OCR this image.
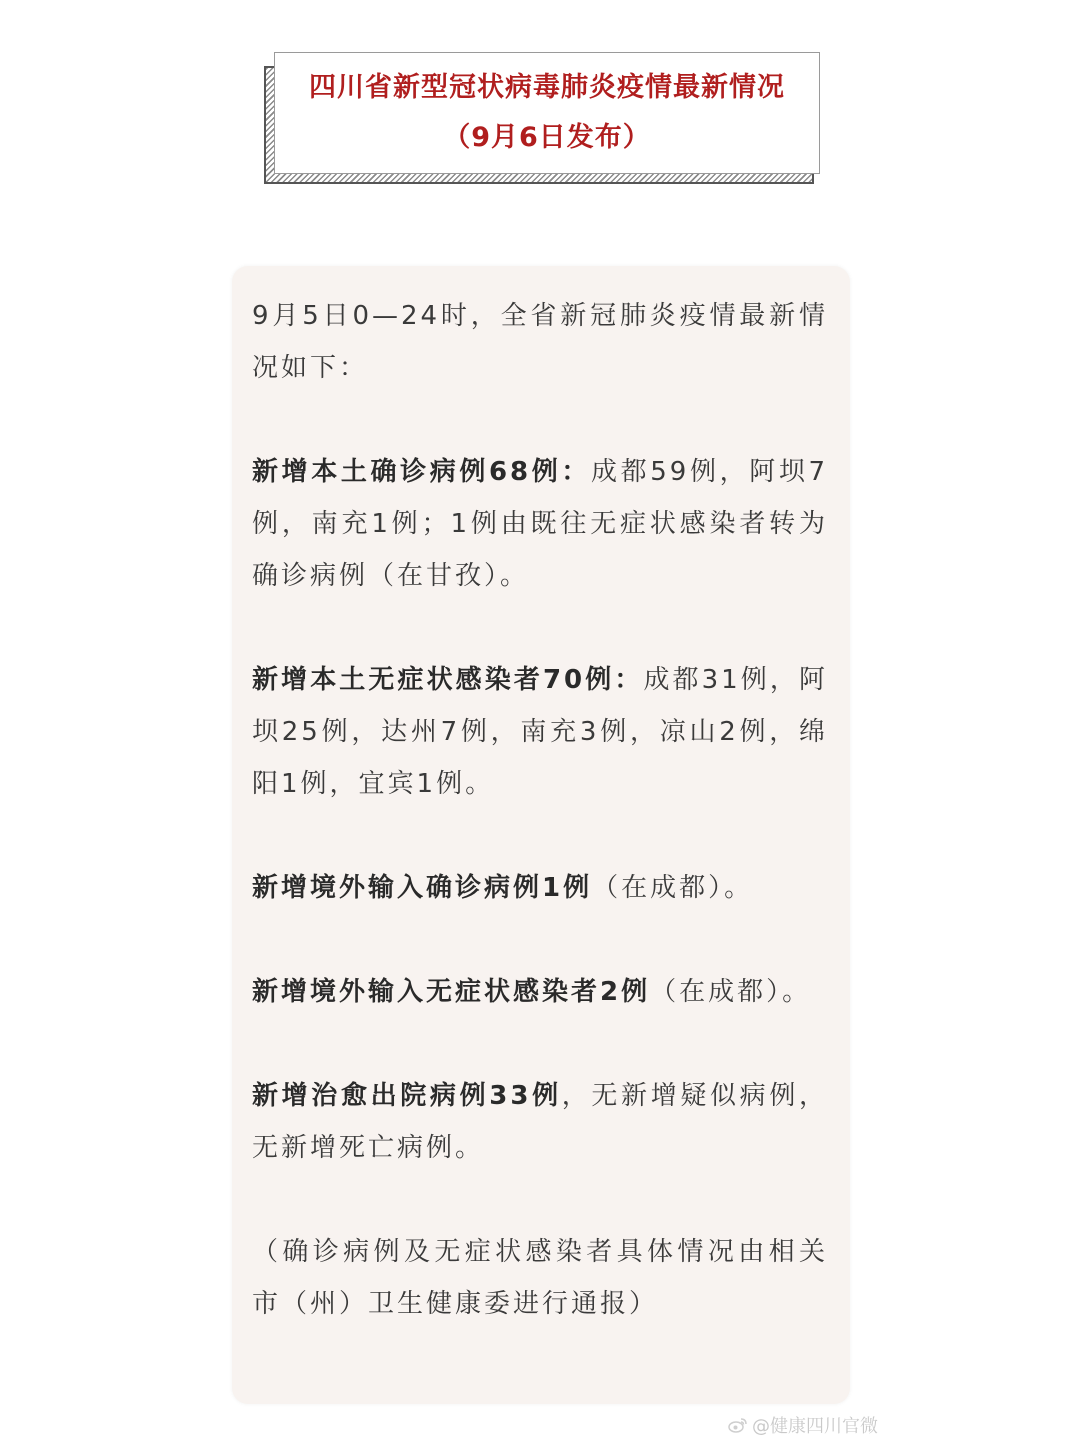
四川省新型冠状病毒肺炎疫情最新情况
（9月6日发布）

9月5日0—24时，全省新冠肺炎疫情最新情况如下：

新增本土确诊病例68例：成都59例，阿坝7例，南充1例；1例由既往无症状感染者转为确诊病例（在甘孜）。

新增本土无症状感染者70例：成都31例，阿坝25例，达州7例，南充3例，凉山2例，绵阳1例，宜宾1例。

新增境外输入确诊病例1例（在成都）。

新增境外输入无症状感染者2例（在成都）。

新增治愈出院病例33例，无新增疑似病例，无新增死亡病例。

（确诊病例及无症状感染者具体情况由相关市（州）卫生健康委进行通报）

@健康四川官微
